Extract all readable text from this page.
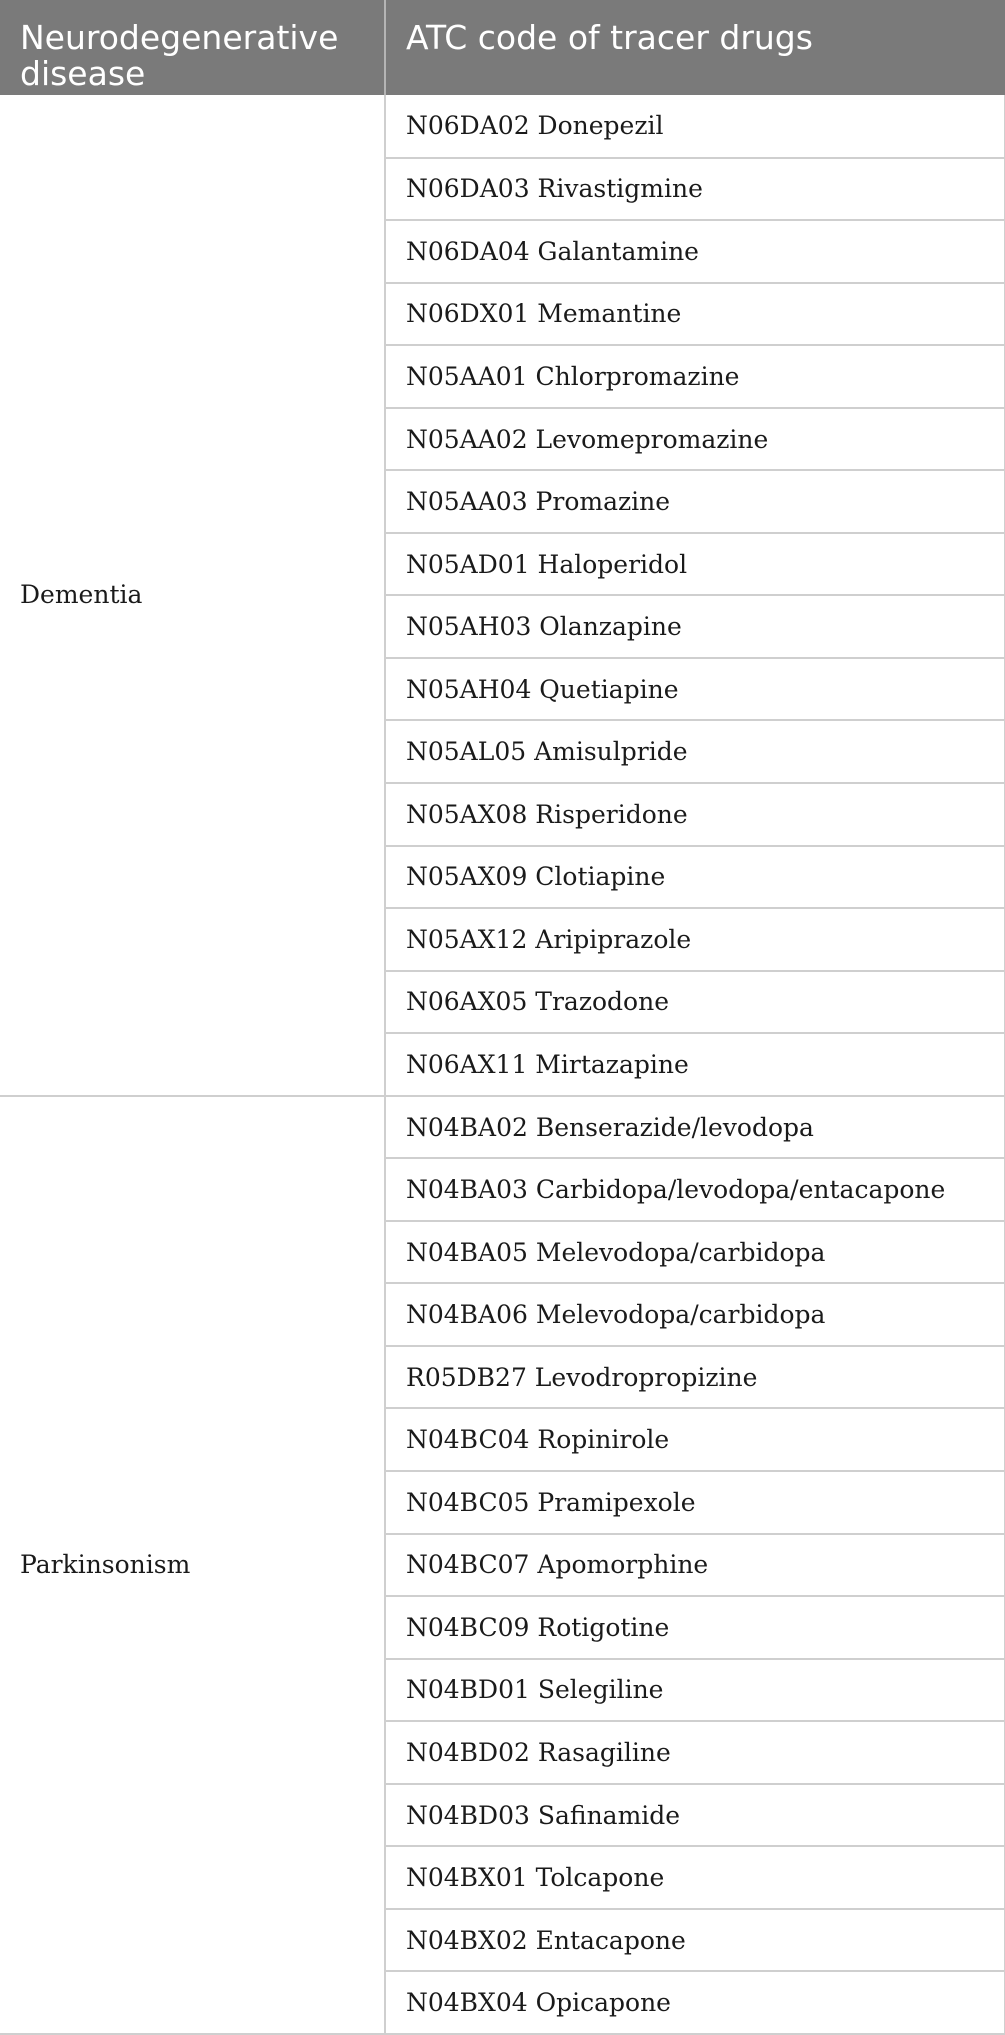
Neurodegenerative disease	ATC code of tracer drugs
Dementia	N06DA02 Donepezil
	N06DA03 Rivastigmine
	N06DA04 Galantamine
	N06DX01 Memantine
	N05AA01 Chlorpromazine
	N05AA02 Levomepromazine
	N05AA03 Promazine
	N05AD01 Haloperidol
	N05AH03 Olanzapine
	N05AH04 Quetiapine
	N05AL05 Amisulpride
	N05AX08 Risperidone
	N05AX09 Clotiapine
	N05AX12 Aripiprazole
	N06AX05 Trazodone
	N06AX11 Mirtazapine
Parkinsonism	N04BA02 Benserazide/levodopa
	N04BA03 Carbidopa/levodopa/entacapone
	N04BA05 Melevodopa/carbidopa
	N04BA06 Melevodopa/carbidopa
	R05DB27 Levodropropizine
	N04BC04 Ropinirole
	N04BC05 Pramipexole
	N04BC07 Apomorphine
	N04BC09 Rotigotine
	N04BD01 Selegiline
	N04BD02 Rasagiline
	N04BD03 Safinamide
	N04BX01 Tolcapone
	N04BX02 Entacapone
	N04BX04 Opicapone
